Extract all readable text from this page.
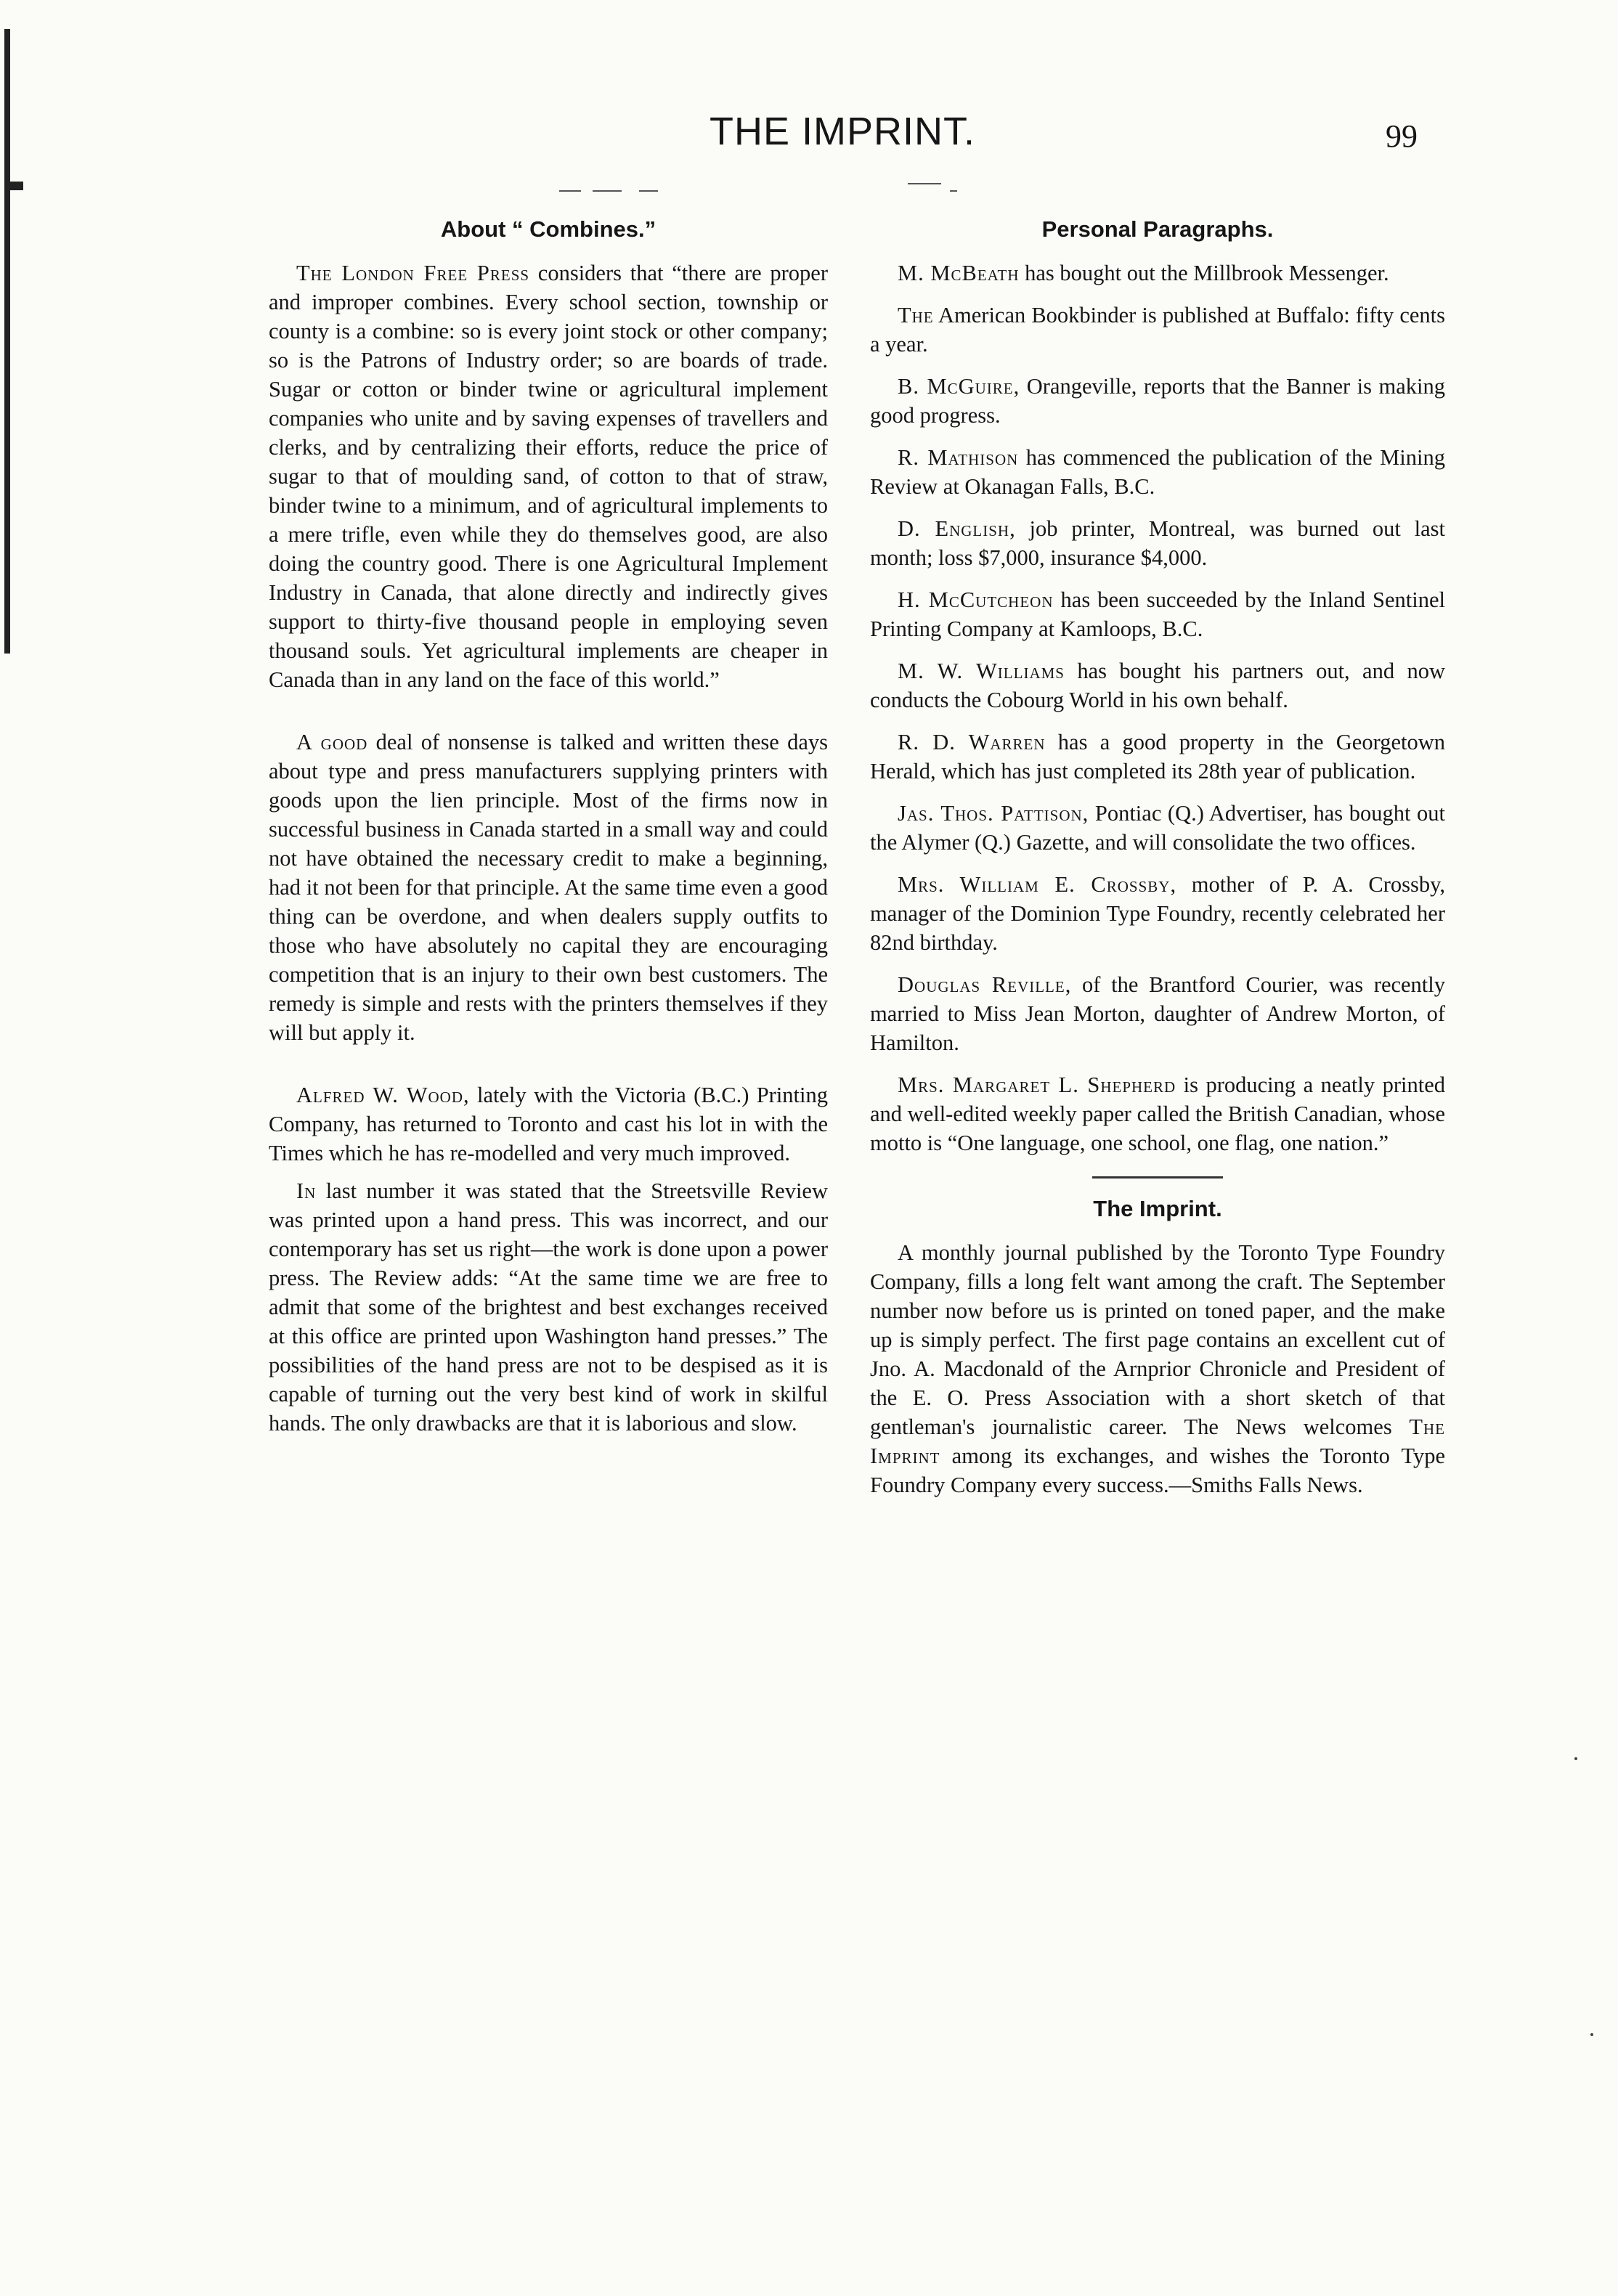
THE IMPRINT.	99
About “ Combines.”

The London Free Press considers that “there are proper and improper combines. Every school section, township or county is a combine: so is every joint stock or other company; so is the Patrons of Industry order; so are boards of trade. Sugar or cotton or binder twine or agricultural implement companies who unite and by saving expenses of travellers and clerks, and by centralizing their efforts, reduce the price of sugar to that of moulding sand, of cotton to that of straw, binder twine to a minimum, and of agricultural implements to a mere trifle, even while they do themselves good, are also doing the country good. There is one Agricultural Implement Industry in Canada, that alone directly and indirectly gives support to thirty-five thousand people in employing seven thousand souls. Yet agricultural implements are cheaper in Canada than in any land on the face of this world.”

A good deal of nonsense is talked and written these days about type and press manufacturers supplying printers with goods upon the lien principle. Most of the firms now in successful business in Canada started in a small way and could not have obtained the necessary credit to make a beginning, had it not been for that principle. At the same time even a good thing can be overdone, and when dealers supply outfits to those who have absolutely no capital they are encouraging competition that is an injury to their own best customers. The remedy is simple and rests with the printers themselves if they will but apply it.

Alfred W. Wood, lately with the Victoria (B.C.) Printing Company, has returned to Toronto and cast his lot in with the Times which he has re-modelled and very much improved.

In last number it was stated that the Streetsville Review was printed upon a hand press. This was incorrect, and our contemporary has set us right—the work is done upon a power press. The Review adds: “At the same time we are free to admit that some of the brightest and best exchanges received at this office are printed upon Washington hand presses.” The possibilities of the hand press are not to be despised as it is capable of turning out the very best kind of work in skilful hands. The only drawbacks are that it is laborious and slow.

Personal Paragraphs.

M. McBeath has bought out the Millbrook Messenger.

The American Bookbinder is published at Buffalo: fifty cents a year.

B. McGuire, Orangeville, reports that the Banner is making good progress.

R. Mathison has commenced the publication of the Mining Review at Okanagan Falls, B.C.

D. English, job printer, Montreal, was burned out last month; loss $7,000, insurance $4,000.

H. McCutcheon has been succeeded by the Inland Sentinel Printing Company at Kamloops, B.C.

M. W. Williams has bought his partners out, and now conducts the Cobourg World in his own behalf.

R. D. Warren has a good property in the Georgetown Herald, which has just completed its 28th year of publication.

Jas. Thos. Pattison, Pontiac (Q.) Advertiser, has bought out the Alymer (Q.) Gazette, and will consolidate the two offices.

Mrs. William E. Crossby, mother of P. A. Crossby, manager of the Dominion Type Foundry, recently celebrated her 82nd birthday.

Douglas Reville, of the Brantford Courier, was recently married to Miss Jean Morton, daughter of Andrew Morton, of Hamilton.

Mrs. Margaret L. Shepherd is producing a neatly printed and well-edited weekly paper called the British Canadian, whose motto is “One language, one school, one flag, one nation.”

The Imprint.

A monthly journal published by the Toronto Type Foundry Company, fills a long felt want among the craft. The September number now before us is printed on toned paper, and the make up is simply perfect. The first page contains an excellent cut of Jno. A. Macdonald of the Arnprior Chronicle and President of the E. O. Press Association with a short sketch of that gentleman's journalistic career. The News welcomes The Imprint among its exchanges, and wishes the Toronto Type Foundry Company every success.—Smiths Falls News.
